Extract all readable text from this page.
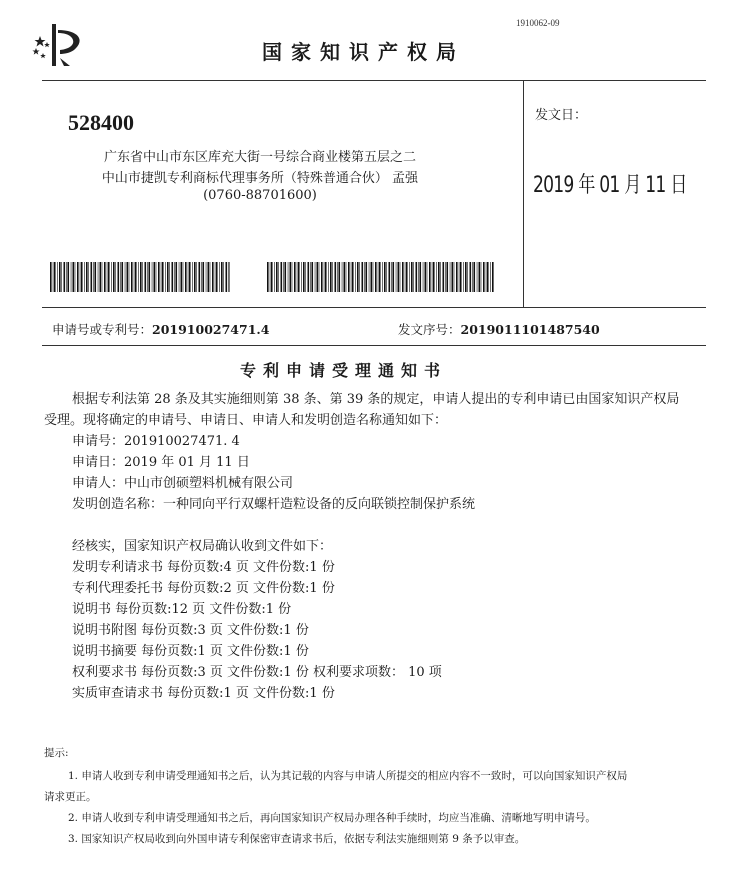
1910062-09
国家知识产权局
528400
广东省中山市东区库充大街一号综合商业楼第五层之二
中山市捷凯专利商标代理事务所（特殊普通合伙） 孟强
(0760-88701600)
发文日：
2019 年 01 月 11 日
申请号或专利号：201910027471.4	发文序号：2019011101487540
专利申请受理通知书
根据专利法第 28 条及其实施细则第 38 条、第 39 条的规定，申请人提出的专利申请已由国家知识产权局
受理。现将确定的申请号、申请日、申请人和发明创造名称通知如下：
申请号：201910027471. 4
申请日：2019 年 01 月 11 日
申请人：中山市创硕塑料机械有限公司
发明创造名称：一种同向平行双螺杆造粒设备的反向联锁控制保护系统
经核实，国家知识产权局确认收到文件如下：
发明专利请求书 每份页数:4 页 文件份数:1 份
专利代理委托书 每份页数:2 页 文件份数:1 份
说明书 每份页数:12 页 文件份数:1 份
说明书附图 每份页数:3 页 文件份数:1 份
说明书摘要 每份页数:1 页 文件份数:1 份
权利要求书 每份页数:3 页 文件份数:1 份 权利要求项数： 10 项
实质审查请求书 每份页数:1 页 文件份数:1 份
提示:
1. 申请人收到专利申请受理通知书之后，认为其记载的内容与申请人所提交的相应内容不一致时，可以向国家知识产权局
请求更正。
2. 申请人收到专利申请受理通知书之后，再向国家知识产权局办理各种手续时，均应当准确、清晰地写明申请号。
3. 国家知识产权局收到向外国申请专利保密审查请求书后，依据专利法实施细则第 9 条予以审查。
